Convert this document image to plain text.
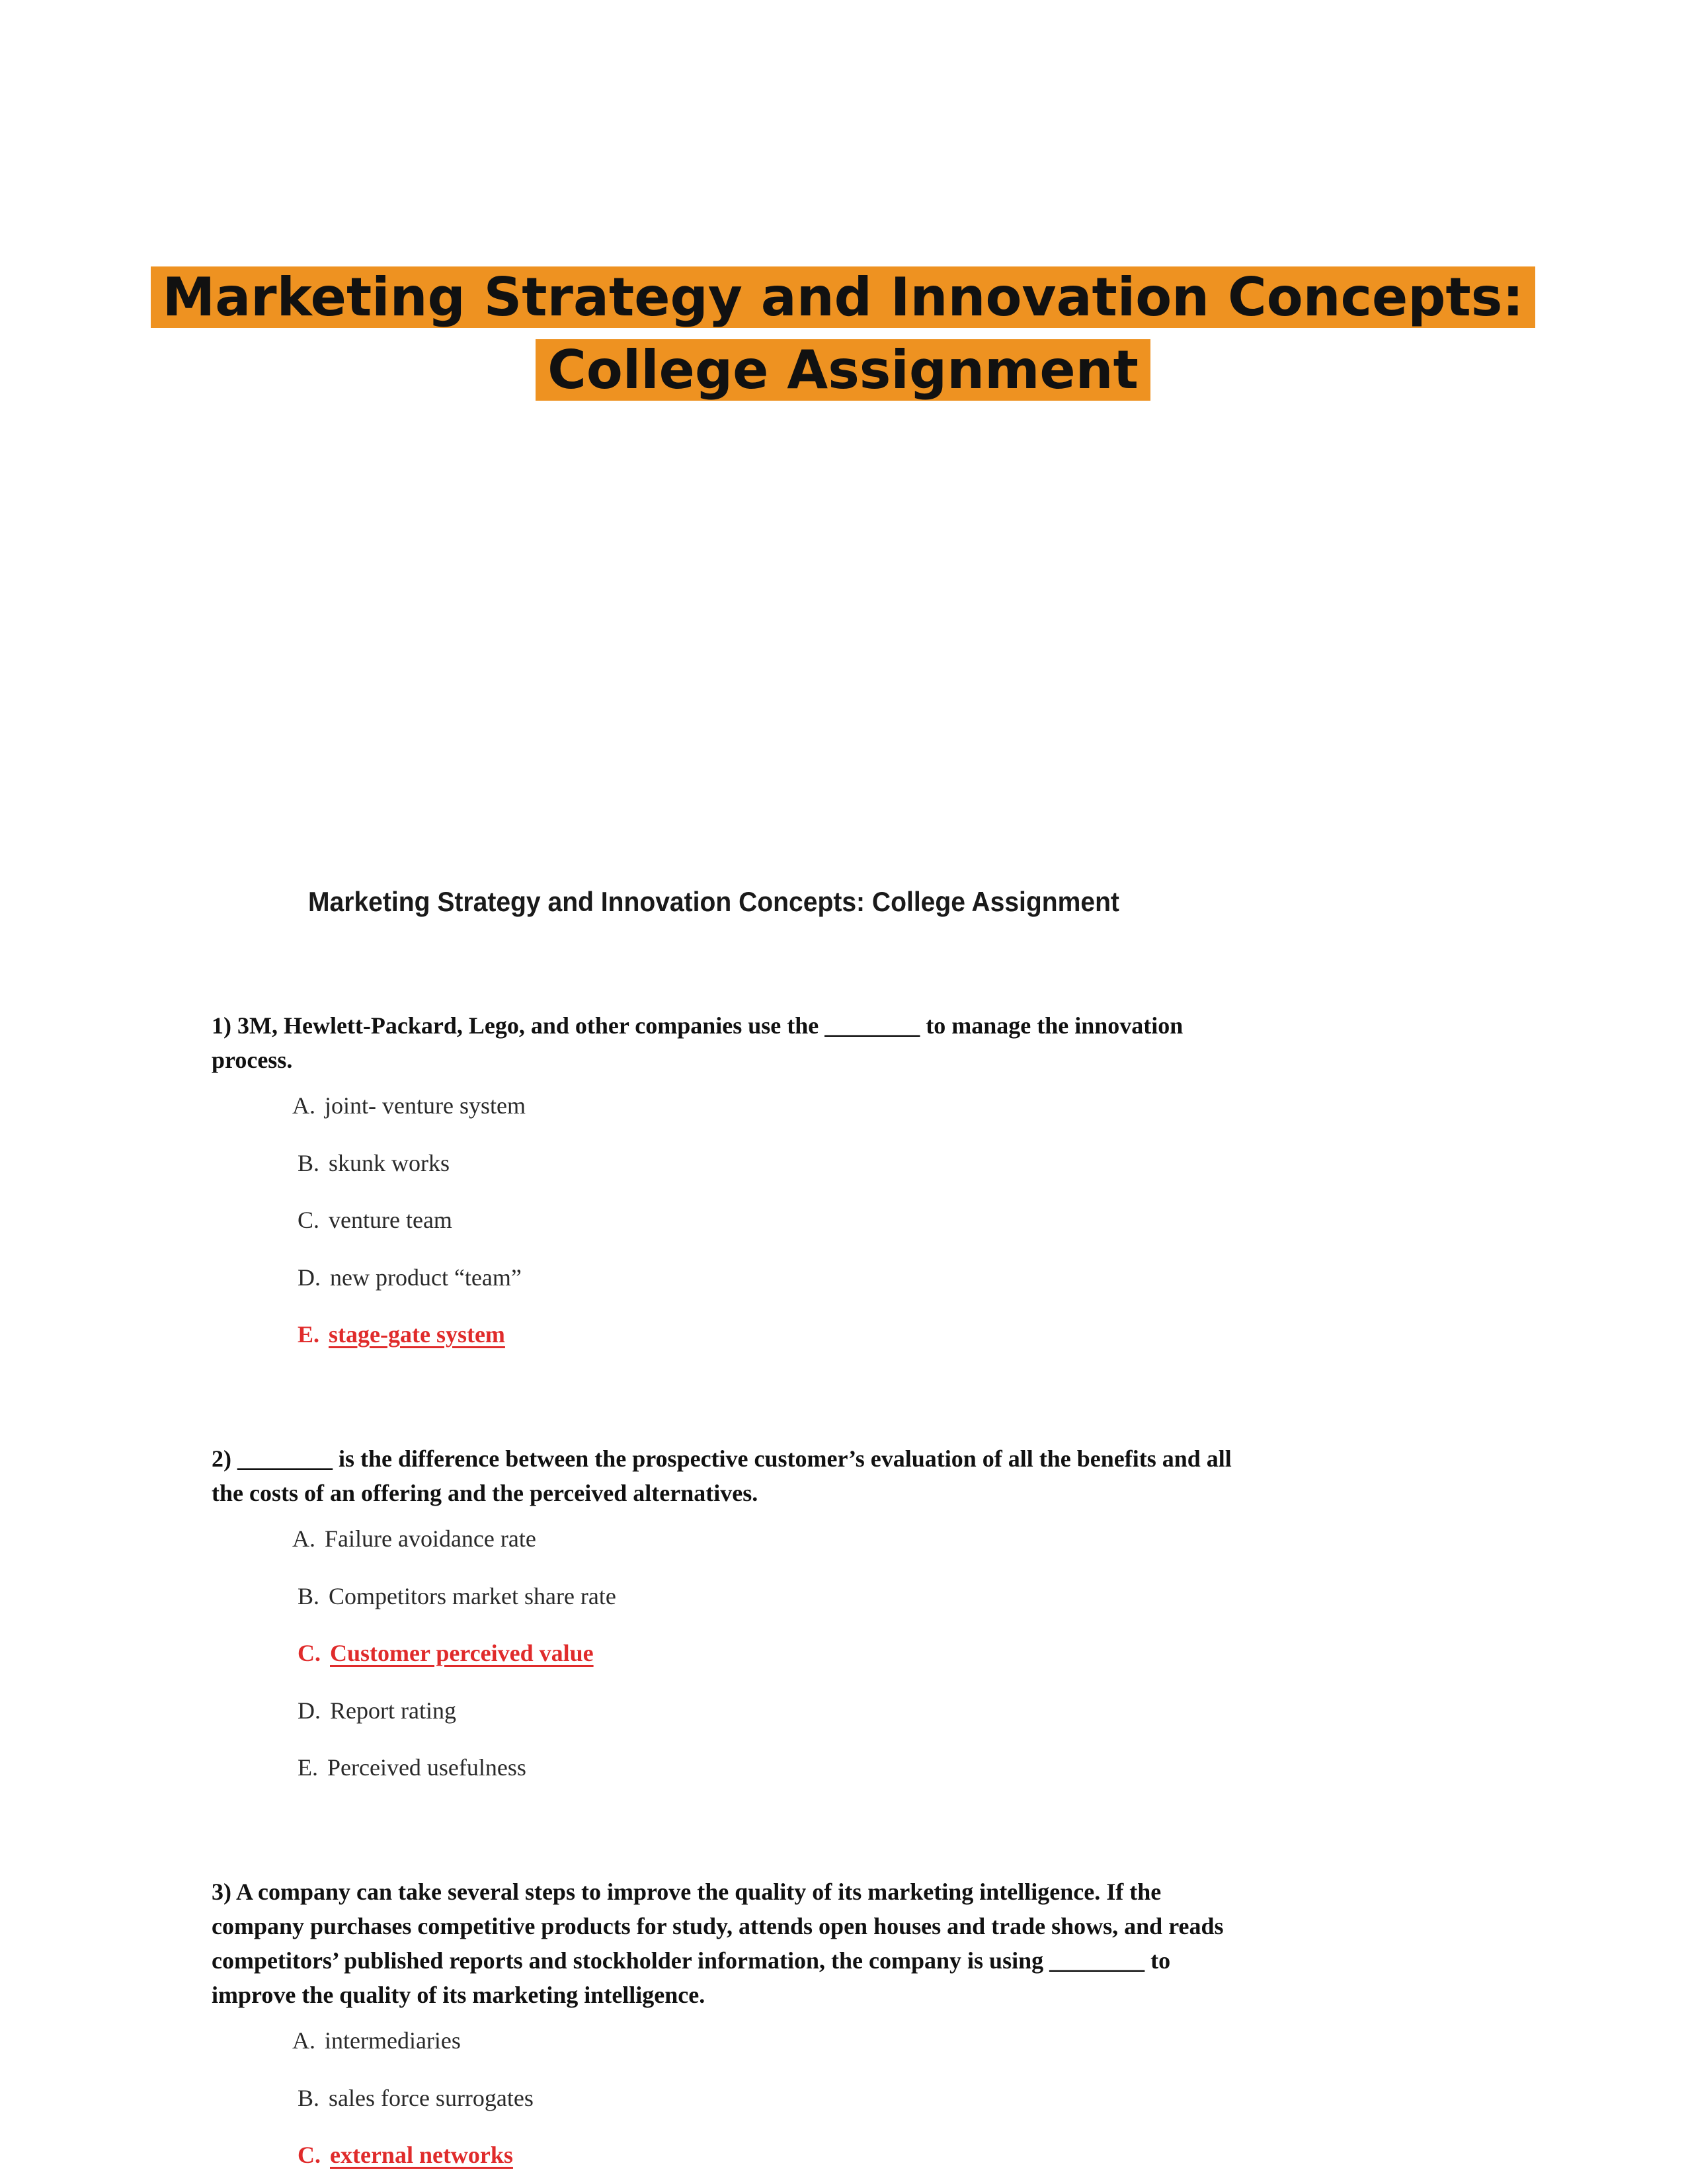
Marketing Strategy and Innovation Concepts:
College Assignment
Marketing Strategy and Innovation Concepts: College Assignment

1) 3M, Hewlett-Packard, Lego, and other companies use the ________ to manage the innovation process.

A. joint- venture system
B. skunk works
C. venture team
D. new product “team”
E. stage-gate system

2) ________ is the difference between the prospective customer’s evaluation of all the benefits and all the costs of an offering and the perceived alternatives.

A. Failure avoidance rate
B. Competitors market share rate
C. Customer perceived value
D. Report rating
E. Perceived usefulness

3) A company can take several steps to improve the quality of its marketing intelligence. If the company purchases competitive products for study, attends open houses and trade shows, and reads competitors’ published reports and stockholder information, the company is using ________ to improve the quality of its marketing intelligence.

A. intermediaries
B. sales force surrogates
C. external networks
